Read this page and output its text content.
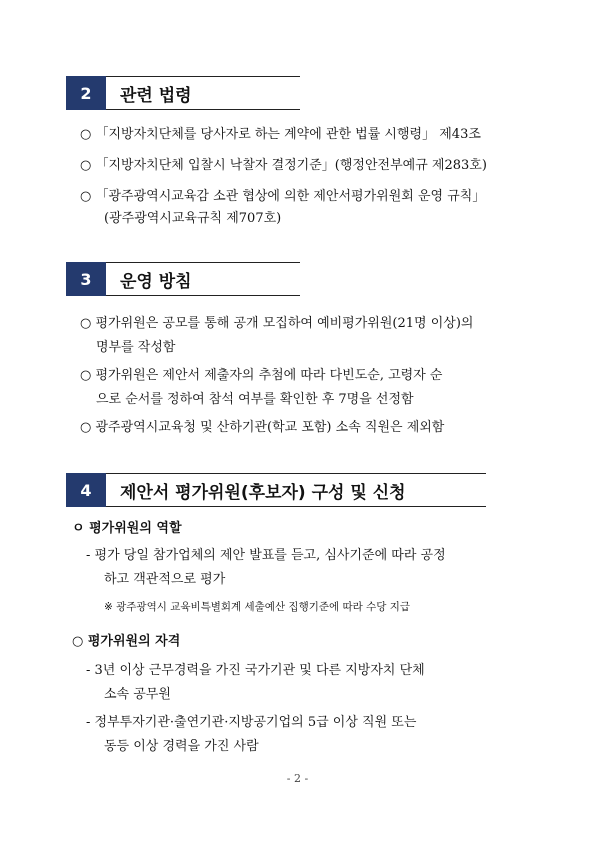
2	관련 법령
○ 「지방자치단체를 당사자로 하는 계약에 관한 법률 시행령」 제43조
○ 「지방자치단체 입찰시 낙찰자 결정기준」(행정안전부예규 제283호)
○ 「광주광역시교육감 소관 협상에 의한 제안서평가위원회 운영 규칙」
(광주광역시교육규칙 제707호)
3	운영 방침
○ 평가위원은 공모를 통해 공개 모집하여 예비평가위원(21명 이상)의
명부를 작성함
○ 평가위원은 제안서 제출자의 추첨에 따라 다빈도순, 고령자 순
으로 순서를 정하여 참석 여부를 확인한 후 7명을 선정함
○ 광주광역시교육청 및 산하기관(학교 포함) 소속 직원은 제외함
4	제안서 평가위원(후보자) 구성 및 신청
ㅇ 평가위원의 역할
- 평가 당일 참가업체의 제안 발표를 듣고, 심사기준에 따라 공정
하고 객관적으로 평가
※ 광주광역시 교육비특별회계 세출예산 집행기준에 따라 수당 지급
○ 평가위원의 자격
- 3년 이상 근무경력을 가진 국가기관 및 다른 지방자치 단체
소속 공무원
- 정부투자기관·출연기관·지방공기업의 5급 이상 직원 또는
동등 이상 경력을 가진 사람
- 2 -
